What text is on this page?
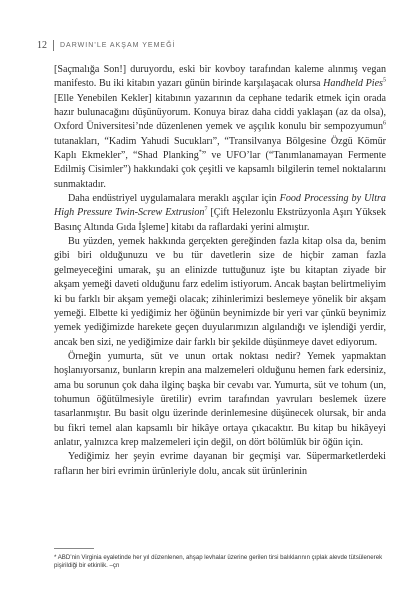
12 DARWIN’LE AKŞAM YEMEĞİ

[Saçmalığa Son!] duruyordu, eski bir kovboy tarafından kaleme alınmış vegan manifesto. Bu iki kitabın yazarı günün birinde karşılaşacak olursa Handheld Pies$^5$ [Elle Yenebilen Kekler] kitabının yazarının da cephane tedarik etmek için orada hazır bulunacağını düşünüyorum. Konuya biraz daha ciddi yaklaşan (az da olsa), Oxford Üniversitesi’nde düzenlenen yemek ve aşçılık konulu bir sempozyumun$^6$ tutanakları, “Kadim Yahudi Sucukları”, “Transilvanya Bölgesine Özgü Kömür Kaplı Ekmekler”, “Shad Planking*” ve UFO’lar (“Tanımlanamayan Fermente Edilmiş Cisimler”) hakkındaki çok çeşitli ve kapsamlı bilgilerin temel noktalarını sunmaktadır.

Daha endüstriyel uygulamalara meraklı aşçılar için Food Processing by Ultra High Pressure Twin-Screw Extrusion$^7$ [Çift Helezonlu Ekstrüzyonla Aşırı Yüksek Basınç Altında Gıda İşleme] kitabı da raflardaki yerini almıştır.

Bu yüzden, yemek hakkında gerçekten gereğinden fazla kitap olsa da, benim gibi biri olduğunuzu ve bu tür davetlerin size de hiçbir zaman fazla gelmeyeceğini umarak, şu an elinizde tuttuğunuz işte bu kitaptan ziyade bir akşam yemeği daveti olduğunu farz edelim istiyorum. Ancak baştan belirtmeliyim ki bu farklı bir akşam yemeği olacak; zihinlerimizi beslemeye yönelik bir akşam yemeği. Elbette ki yediğimiz her öğünün beynimizde bir yeri var çünkü beynimiz yemek yediğimizde harekete geçen duyularımızın algılandığı ve işlendiği yerdir, ancak ben sizi, ne yediğimize dair farklı bir şekilde düşünmeye davet ediyorum.

Örneğin yumurta, süt ve unun ortak noktası nedir? Yemek yapmaktan hoşlanıyorsanız, bunların krepin ana malzemeleri olduğunu hemen fark edersiniz, ama bu sorunun çok daha ilginç başka bir cevabı var. Yumurta, süt ve tohum (un, tohumun öğütülmesiyle üretilir) evrim tarafından yavruları beslemek üzere tasarlanmıştır. Bu basit olgu üzerinde derinlemesine düşünecek olursak, bir anda bu fikri temel alan kapsamlı bir hikâye ortaya çıkacaktır. Bu kitap bu hikâyeyi anlatır, yalnızca krep malzemeleri için değil, on dört bölümlük bir öğün için.

Yediğimiz her şeyin evrime dayanan bir geçmişi var. Süpermarketlerdeki rafların her biri evrimin ürünleriyle dolu, ancak süt ürünlerinin

* ABD’nin Virginia eyaletinde her yıl düzenlenen, ahşap levhalar üzerine gerilen tirsi balıklarının çıplak alevde tütsülenerek pişirildiği bir etkinlik. –çn
